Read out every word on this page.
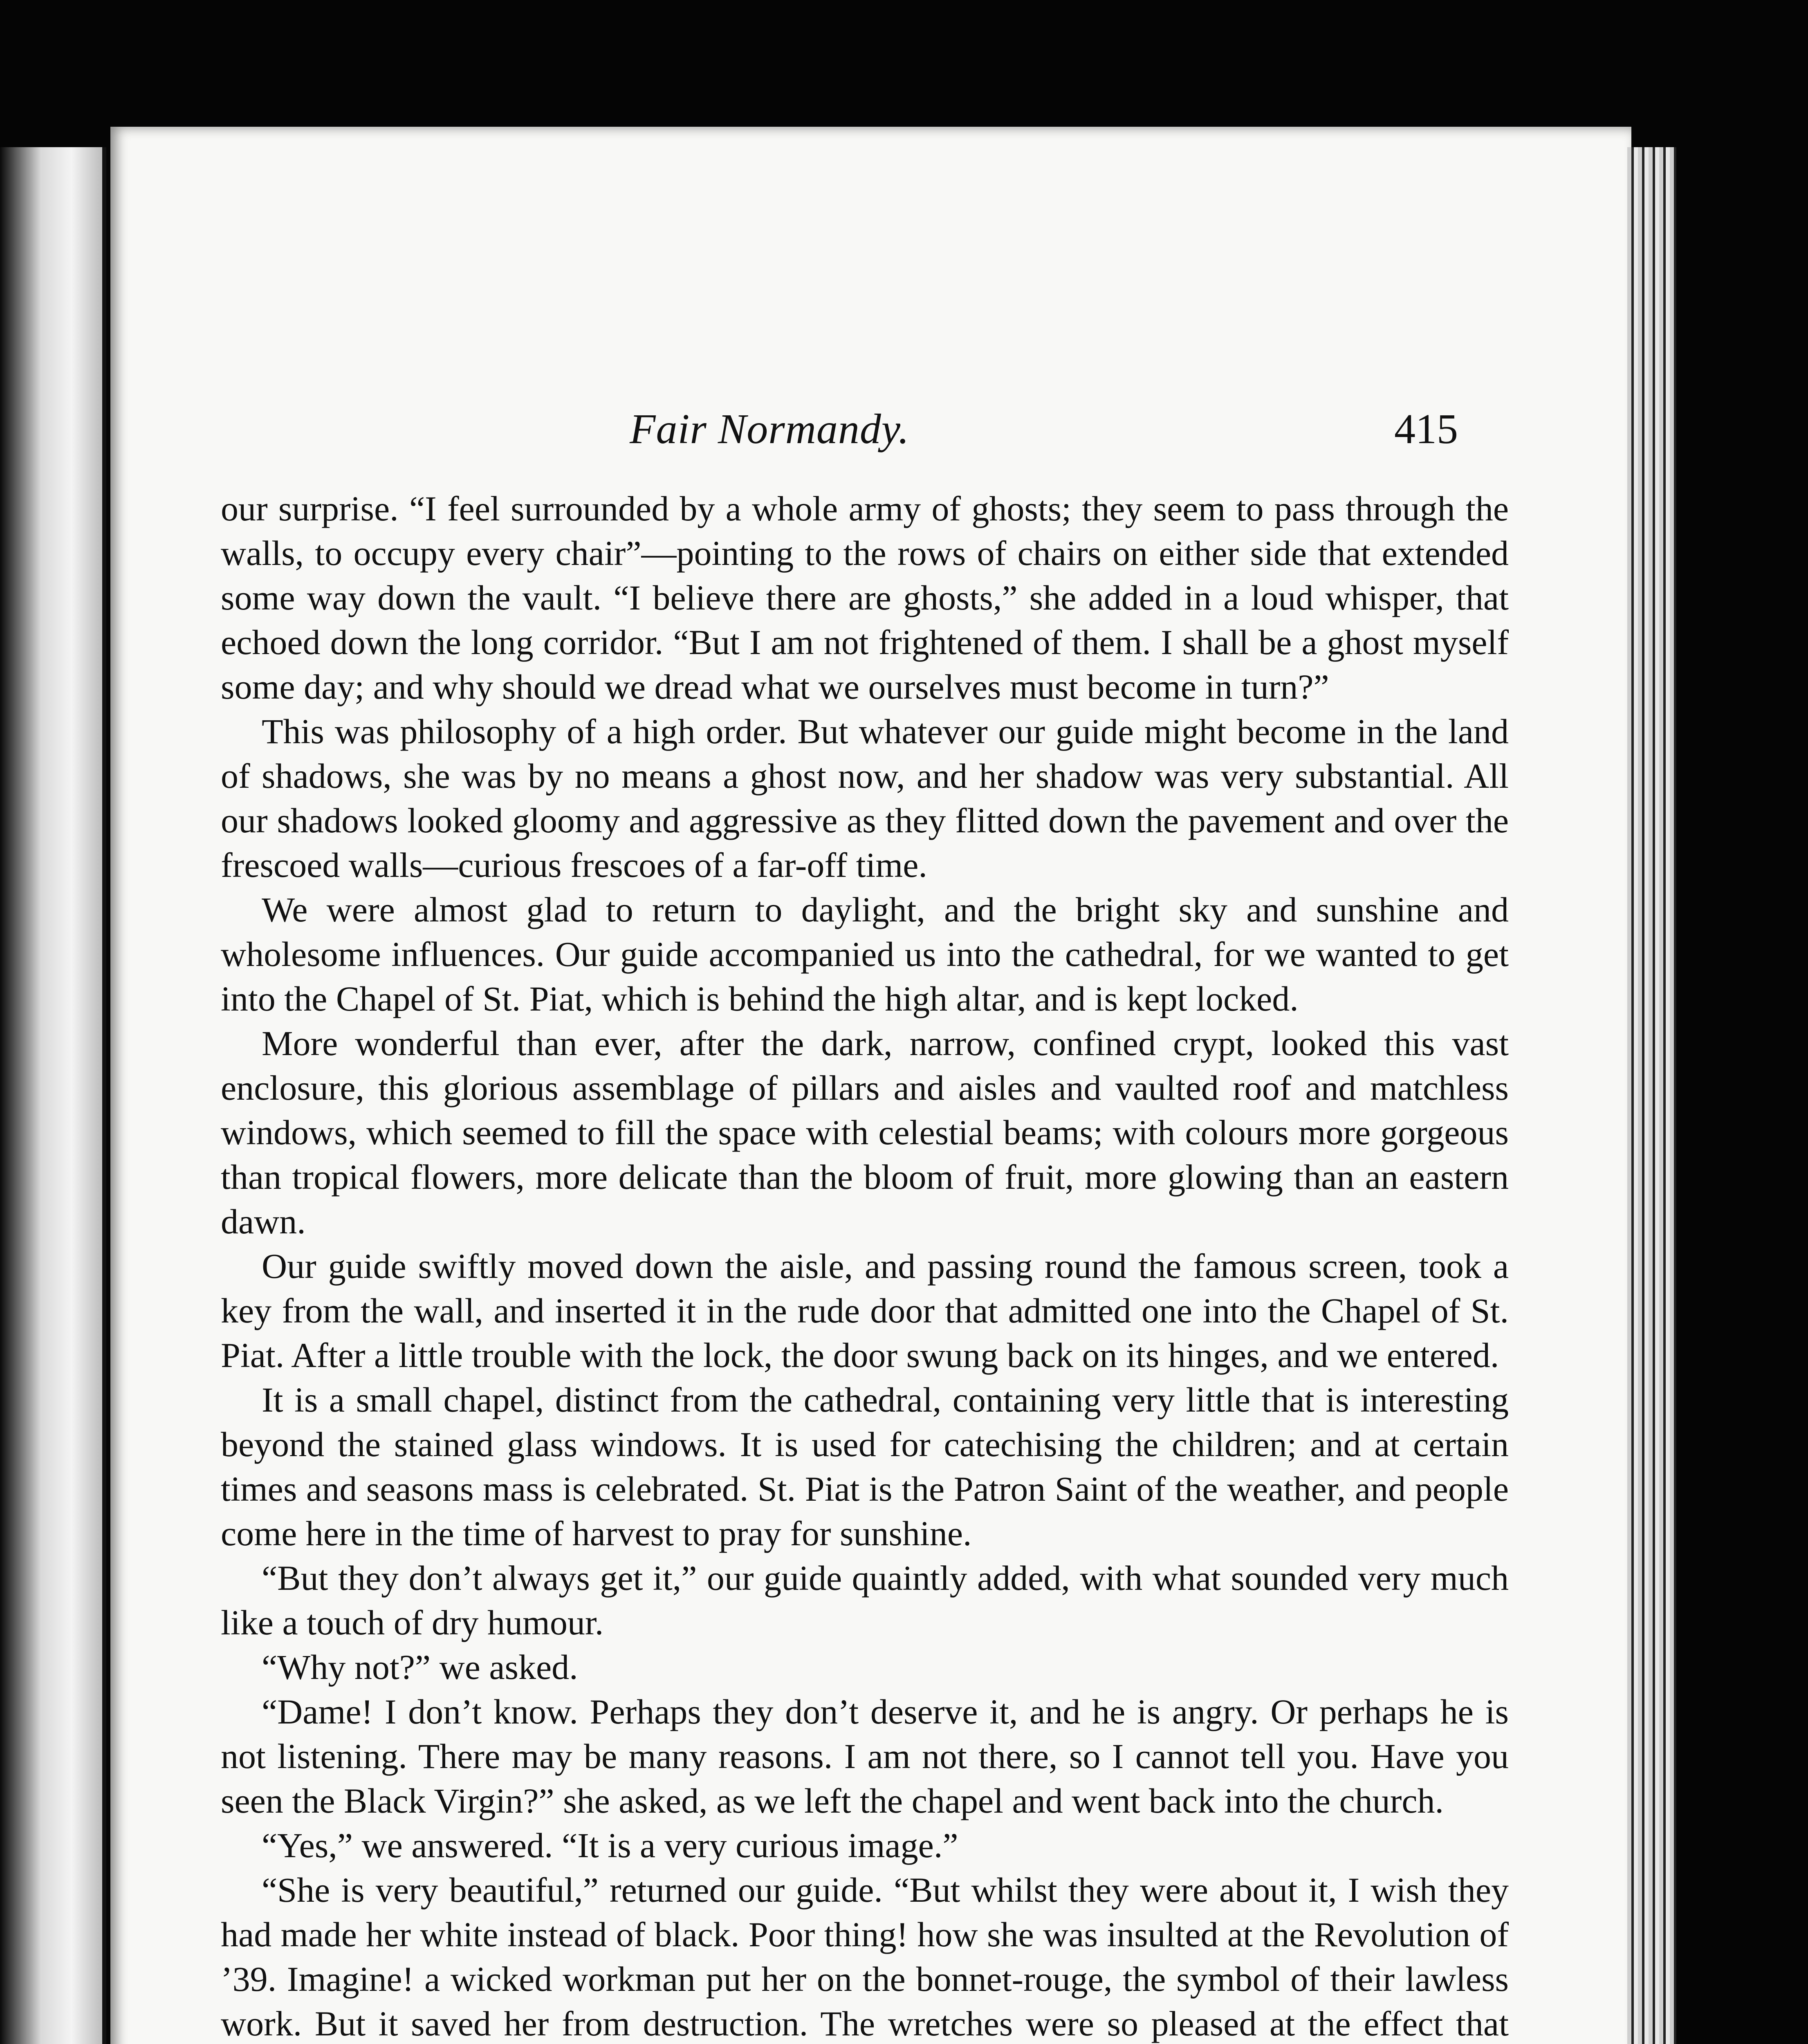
Fair Normandy.	415

our surprise. “I feel surrounded by a whole army of ghosts; they seem to pass through the walls, to occupy every chair”—pointing to the rows of chairs on either side that extended some way down the vault. “I believe there are ghosts,” she added in a loud whisper, that echoed down the long corridor. “But I am not frightened of them. I shall be a ghost myself some day; and why should we dread what we ourselves must become in turn?”

This was philosophy of a high order. But whatever our guide might become in the land of shadows, she was by no means a ghost now, and her shadow was very substantial. All our shadows looked gloomy and aggressive as they flitted down the pavement and over the frescoed walls—curious frescoes of a far-off time.

We were almost glad to return to daylight, and the bright sky and sunshine and wholesome influences. Our guide accompanied us into the cathedral, for we wanted to get into the Chapel of St. Piat, which is behind the high altar, and is kept locked.

More wonderful than ever, after the dark, narrow, confined crypt, looked this vast enclosure, this glorious assemblage of pillars and aisles and vaulted roof and matchless windows, which seemed to fill the space with celestial beams; with colours more gorgeous than tropical flowers, more delicate than the bloom of fruit, more glowing than an eastern dawn.

Our guide swiftly moved down the aisle, and passing round the famous screen, took a key from the wall, and inserted it in the rude door that admitted one into the Chapel of St. Piat. After a little trouble with the lock, the door swung back on its hinges, and we entered.

It is a small chapel, distinct from the cathedral, containing very little that is interesting beyond the stained glass windows. It is used for catechising the children; and at certain times and seasons mass is celebrated. St. Piat is the Patron Saint of the weather, and people come here in the time of harvest to pray for sunshine.

“But they don’t always get it,” our guide quaintly added, with what sounded very much like a touch of dry humour.

“Why not?” we asked.

“Dame! I don’t know. Perhaps they don’t deserve it, and he is angry. Or perhaps he is not listening. There may be many reasons. I am not there, so I cannot tell you. Have you seen the Black Virgin?” she asked, as we left the chapel and went back into the church.

“Yes,” we answered. “It is a very curious image.”

“She is very beautiful,” returned our guide. “But whilst they were about it, I wish they had made her white instead of black. Poor thing! how she was insulted at the Revolution of ’39. Imagine! a wicked workman put her on the bonnet-rouge, the symbol of their lawless work. But it saved her from destruction. The wretches were so pleased at the effect that
